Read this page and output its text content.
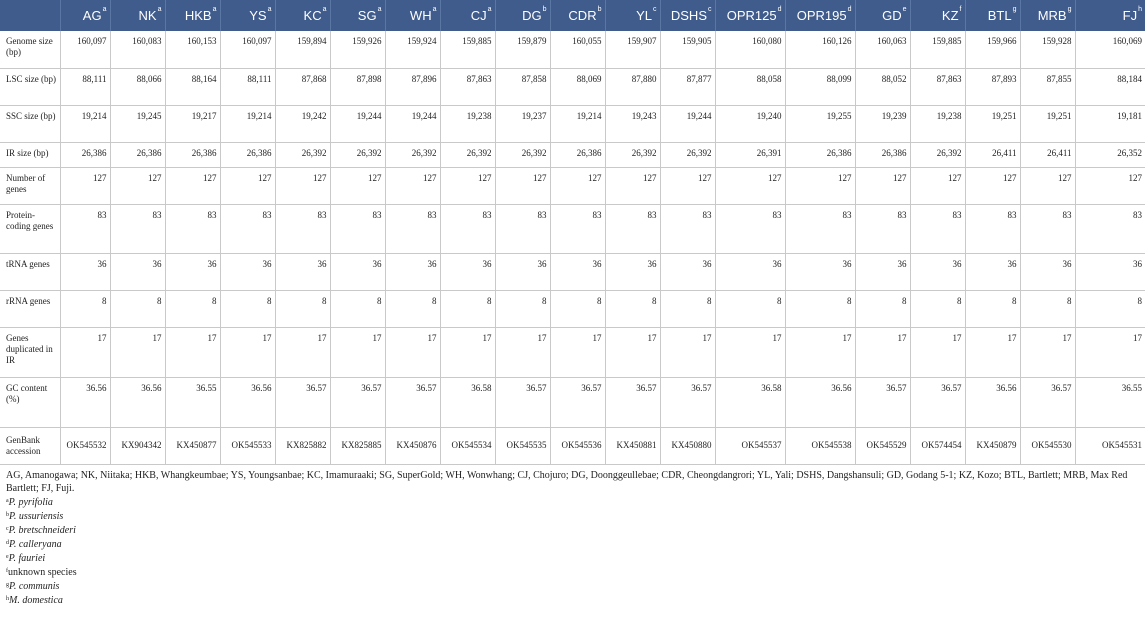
	$AG^a$	$NK^a$	HKB$^a$	$YS^a$	$KC^a$	$SG^a$	$WH^a$	$CJ^a$	$DG^b$	CDR$^b$	$YL^c$	DSHS$^c$	OPR125$^d$	OPR195$^d$	$GD^e$	$KZ^f$	BTL$^g$	MRB$^g$	$FJ^h$
Genome size (bp)	160,097	160,083	160,153	160,097	159,894	159,926	159,924	159,885	159,879	160,055	159,907	159,905	160,080	160,126	160,063	159,885	159,966	159,928	160,069
LSC size (bp)	88,111	88,066	88,164	88,111	87,868	87,898	87,896	87,863	87,858	88,069	87,880	87,877	88,058	88,099	88,052	87,863	87,893	87,855	88,184
SSC size (bp)	19,214	19,245	19,217	19,214	19,242	19,244	19,244	19,238	19,237	19,214	19,243	19,244	19,240	19,255	19,239	19,238	19,251	19,251	19,181
IR size (bp)	26,386	26,386	26,386	26,386	26,392	26,392	26,392	26,392	26,392	26,386	26,392	26,392	26,391	26,386	26,386	26,392	26,411	26,411	26,352
Number of genes	127	127	127	127	127	127	127	127	127	127	127	127	127	127	127	127	127	127	127
Protein-coding genes	83	83	83	83	83	83	83	83	83	83	83	83	83	83	83	83	83	83	83
tRNA genes	36	36	36	36	36	36	36	36	36	36	36	36	36	36	36	36	36	36	36
rRNA genes	8	8	8	8	8	8	8	8	8	8	8	8	8	8	8	8	8	8	8
Genes duplicated in IR	17	17	17	17	17	17	17	17	17	17	17	17	17	17	17	17	17	17	17
GC content (%)	36.56	36.56	36.55	36.56	36.57	36.57	36.57	36.58	36.57	36.57	36.57	36.57	36.58	36.56	36.57	36.57	36.56	36.57	36.55
GenBank accession	OK545532	KX904342	KX450877	OK545533	KX825882	KX825885	KX450876	OK545534	OK545535	OK545536	KX450881	KX450880	OK545537	OK545538	OK545529	OK574454	KX450879	OK545530	OK545531

AG, Amanogawa; NK, Niitaka; HKB, Whangkeumbae; YS, Youngsanbae; KC, Imamuraaki; SG, SuperGold; WH, Wonwhang; CJ, Chojuro; DG, Doonggeullebae; CDR, Cheongdangrori; YL, Yali; DSHS, Dangshansuli; GD, Godang 5-1; KZ, Kozo; BTL, Bartlett; MRB, Max Red Bartlett; FJ, Fuji.

$^a$P. pyrifolia

$^b$P. ussuriensis

$^c$P. bretschneideri

$^d$P. calleryana

$^e$P. fauriei

$^f$unknown species

$^g$P. communis

$^h$M. domestica
